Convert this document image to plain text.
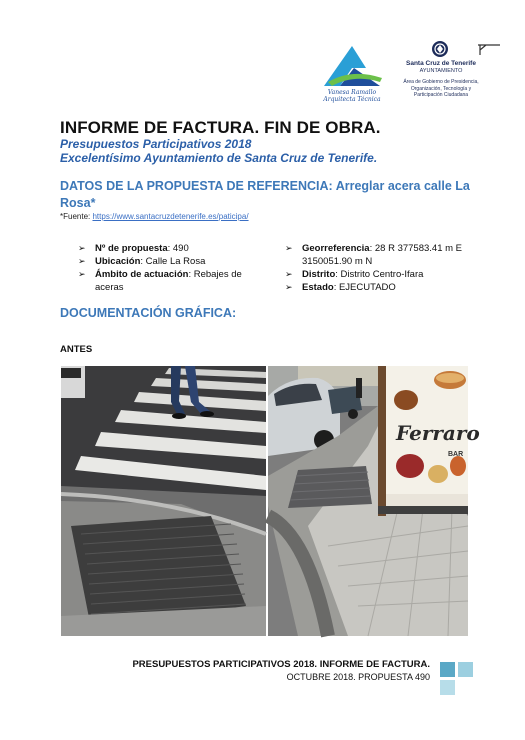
Vanesa Ramallo
Arquitecta Técnica
Santa Cruz de Tenerife
AYUNTAMIENTO
Área de Gobierno de Presidencia,
Organización, Tecnología y
Participación Ciudadana
INFORME DE FACTURA. FIN DE OBRA.
Presupuestos Participativos 2018
Excelentísimo Ayuntamiento de Santa Cruz de Tenerife.
DATOS DE LA PROPUESTA DE REFERENCIA: Arreglar acera calle La Rosa*
*Fuente: https://www.santacruzdetenerife.es/paticipa/
➢ Nº de propuesta: 490
➢ Ubicación: Calle La Rosa
➢ Ámbito de actuación: Rebajes de aceras
➢ Georreferencia: 28 R 377583.41 m E 3150051.90 m N
➢ Distrito: Distrito Centro-Ifara
➢ Estado: EJECUTADO
DOCUMENTACIÓN GRÁFICA:
ANTES
Ferraro
BAR
PRESUPUESTOS PARTICIPATIVOS 2018. INFORME DE FACTURA.
OCTUBRE 2018. PROPUESTA 490
